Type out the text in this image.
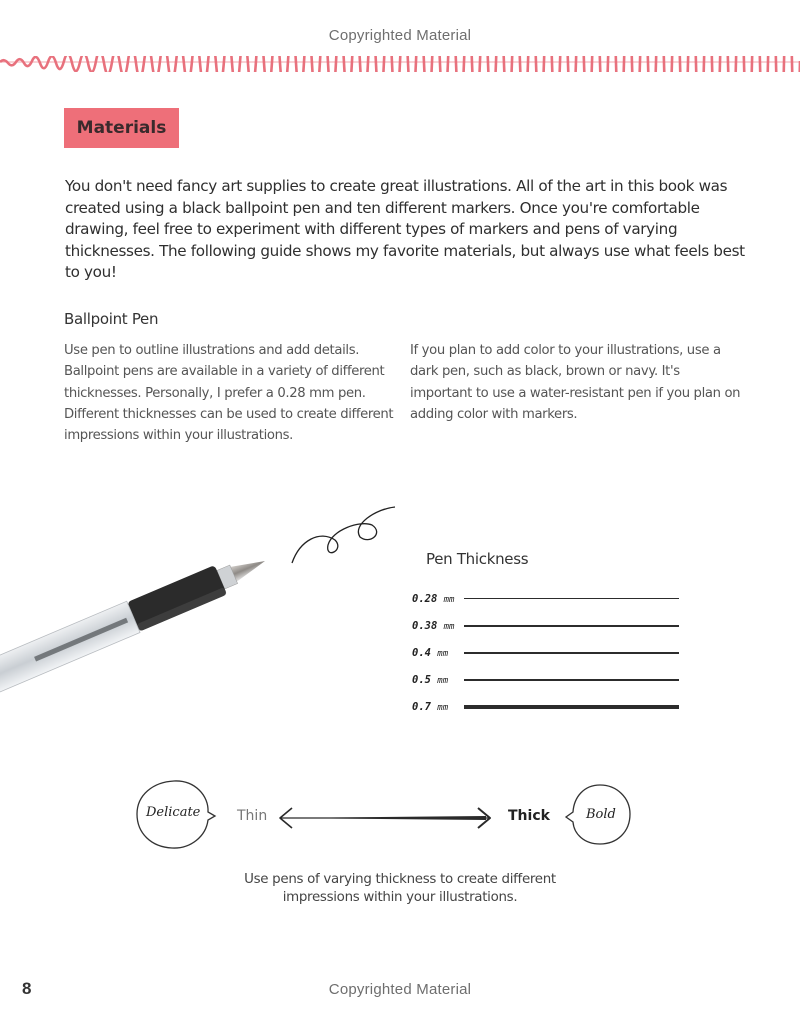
Copyrighted Material
Materials
You don't need fancy art supplies to create great illustrations. All of the art in this book was created using a black ballpoint pen and ten different markers. Once you're comfortable drawing, feel free to experiment with different types of markers and pens of varying thicknesses. The following guide shows my favorite materials, but always use what feels best to you!
Ballpoint Pen
Use pen to outline illustrations and add details. Ballpoint pens are available in a variety of different thicknesses. Personally, I prefer a 0.28 mm pen. Different thicknesses can be used to create different impressions within your illustrations.
If you plan to add color to your illustrations, use a dark pen, such as black, brown or navy. It's important to use a water-resistant pen if you plan on adding color with markers.
Pen Thickness
0.28 mm
0.38 mm
0.4 mm
0.5 mm
0.7 mm
Delicate	Thin	Thick	Bold
Use pens of varying thickness to create different
impressions within your illustrations.
8	Copyrighted Material
